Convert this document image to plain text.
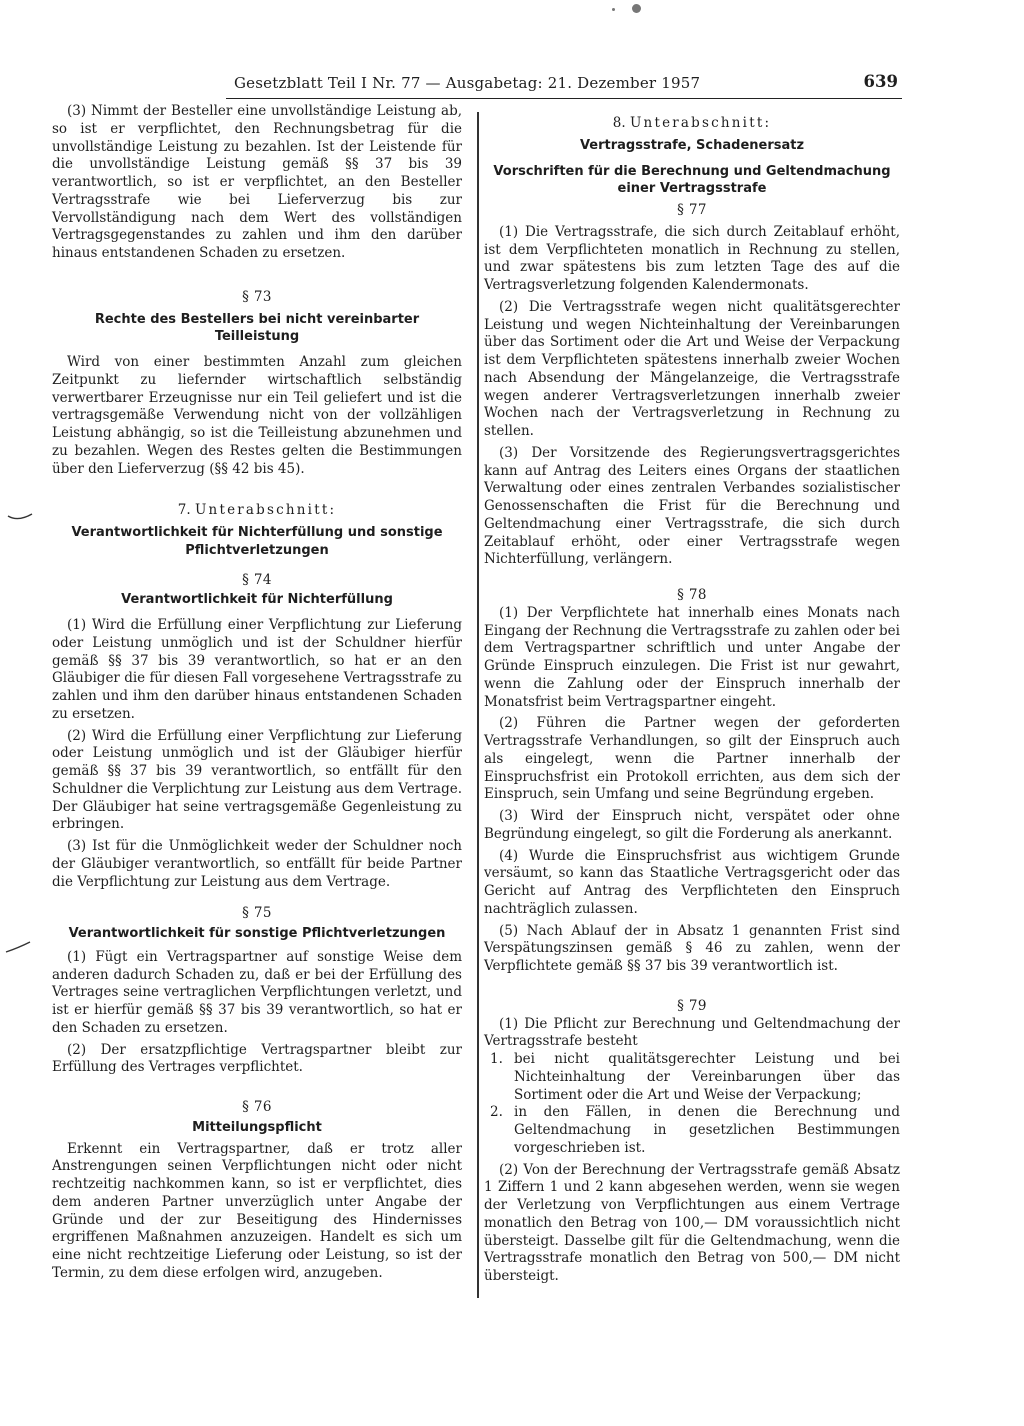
Gesetzblatt Teil I Nr. 77 — Ausgabetag: 21. Dezember 1957	639

(3) Nimmt der Besteller eine unvollständige Leistung ab, so ist er verpflichtet, den Rechnungsbetrag für die unvollständige Leistung zu bezahlen. Ist der Leistende für die unvollständige Leistung gemäß §§ 37 bis 39 verantwortlich, so ist er verpflichtet, an den Besteller Vertragsstrafe wie bei Lieferverzug bis zur Vervollständigung nach dem Wert des vollständigen Vertragsgegenstandes zu zahlen und ihm den darüber hinaus entstandenen Schaden zu ersetzen.

§ 73
Rechte des Bestellers bei nicht vereinbarter Teilleistung

Wird von einer bestimmten Anzahl zum gleichen Zeitpunkt zu liefernder wirtschaftlich selbständig verwertbarer Erzeugnisse nur ein Teil geliefert und ist die vertragsgemäße Verwendung nicht von der vollzähligen Leistung abhängig, so ist die Teilleistung abzunehmen und zu bezahlen. Wegen des Restes gelten die Bestimmungen über den Lieferverzug (§§ 42 bis 45).

7. Unterabschnitt:
Verantwortlichkeit für Nichterfüllung und sonstige Pflichtverletzungen
§ 74
Verantwortlichkeit für Nichterfüllung

(1) Wird die Erfüllung einer Verpflichtung zur Lieferung oder Leistung unmöglich und ist der Schuldner hierfür gemäß §§ 37 bis 39 verantwortlich, so hat er an den Gläubiger die für diesen Fall vorgesehene Vertragsstrafe zu zahlen und ihm den darüber hinaus entstandenen Schaden zu ersetzen.

(2) Wird die Erfüllung einer Verpflichtung zur Lieferung oder Leistung unmöglich und ist der Gläubiger hierfür gemäß §§ 37 bis 39 verantwortlich, so entfällt für den Schuldner die Verplichtung zur Leistung aus dem Vertrage. Der Gläubiger hat seine vertragsgemäße Gegenleistung zu erbringen.

(3) Ist für die Unmöglichkeit weder der Schuldner noch der Gläubiger verantwortlich, so entfällt für beide Partner die Verpflichtung zur Leistung aus dem Vertrage.

§ 75
Verantwortlichkeit für sonstige Pflichtverletzungen

(1) Fügt ein Vertragspartner auf sonstige Weise dem anderen dadurch Schaden zu, daß er bei der Erfüllung des Vertrages seine vertraglichen Verpflichtungen verletzt, und ist er hierfür gemäß §§ 37 bis 39 verantwortlich, so hat er den Schaden zu ersetzen.

(2) Der ersatzpflichtige Vertragspartner bleibt zur Erfüllung des Vertrages verpflichtet.

§ 76
Mitteilungspflicht

Erkennt ein Vertragspartner, daß er trotz aller Anstrengungen seinen Verpflichtungen nicht oder nicht rechtzeitig nachkommen kann, so ist er verpflichtet, dies dem anderen Partner unverzüglich unter Angabe der Gründe und der zur Beseitigung des Hindernisses ergriffenen Maßnahmen anzuzeigen. Handelt es sich um eine nicht rechtzeitige Lieferung oder Leistung, so ist der Termin, zu dem diese erfolgen wird, anzugeben.

8. Unterabschnitt:
Vertragsstrafe, Schadenersatz
Vorschriften für die Berechnung und Geltendmachung einer Vertragsstrafe
§ 77

(1) Die Vertragsstrafe, die sich durch Zeitablauf erhöht, ist dem Verpflichteten monatlich in Rechnung zu stellen, und zwar spätestens bis zum letzten Tage des auf die Vertragsverletzung folgenden Kalendermonats.

(2) Die Vertragsstrafe wegen nicht qualitätsgerechter Leistung und wegen Nichteinhaltung der Vereinbarungen über das Sortiment oder die Art und Weise der Verpackung ist dem Verpflichteten spätestens innerhalb zweier Wochen nach Absendung der Mängelanzeige, die Vertragsstrafe wegen anderer Vertragsverletzungen innerhalb zweier Wochen nach der Vertragsverletzung in Rechnung zu stellen.

(3) Der Vorsitzende des Regierungsvertragsgerichtes kann auf Antrag des Leiters eines Organs der staatlichen Verwaltung oder eines zentralen Verbandes sozialistischer Genossenschaften die Frist für die Berechnung und Geltendmachung einer Vertragsstrafe, die sich durch Zeitablauf erhöht, oder einer Vertragsstrafe wegen Nichterfüllung, verlängern.

§ 78

(1) Der Verpflichtete hat innerhalb eines Monats nach Eingang der Rechnung die Vertragsstrafe zu zahlen oder bei dem Vertragspartner schriftlich und unter Angabe der Gründe Einspruch einzulegen. Die Frist ist nur gewahrt, wenn die Zahlung oder der Einspruch innerhalb der Monatsfrist beim Vertragspartner eingeht.

(2) Führen die Partner wegen der geforderten Vertragsstrafe Verhandlungen, so gilt der Einspruch auch als eingelegt, wenn die Partner innerhalb der Einspruchsfrist ein Protokoll errichten, aus dem sich der Einspruch, sein Umfang und seine Begründung ergeben.

(3) Wird der Einspruch nicht, verspätet oder ohne Begründung eingelegt, so gilt die Forderung als anerkannt.

(4) Wurde die Einspruchsfrist aus wichtigem Grunde versäumt, so kann das Staatliche Vertragsgericht oder das Gericht auf Antrag des Verpflichteten den Einspruch nachträglich zulassen.

(5) Nach Ablauf der in Absatz 1 genannten Frist sind Verspätungszinsen gemäß § 46 zu zahlen, wenn der Verpflichtete gemäß §§ 37 bis 39 verantwortlich ist.

§ 79

(1) Die Pflicht zur Berechnung und Geltendmachung der Vertragsstrafe besteht

1. bei nicht qualitätsgerechter Leistung und bei Nichteinhaltung der Vereinbarungen über das Sortiment oder die Art und Weise der Verpackung;
2. in den Fällen, in denen die Berechnung und Geltendmachung in gesetzlichen Bestimmungen vorgeschrieben ist.

(2) Von der Berechnung der Vertragsstrafe gemäß Absatz 1 Ziffern 1 und 2 kann abgesehen werden, wenn sie wegen der Verletzung von Verpflichtungen aus einem Vertrage monatlich den Betrag von 100,— DM voraussichtlich nicht übersteigt. Dasselbe gilt für die Geltendmachung, wenn die Vertragsstrafe monatlich den Betrag von 500,— DM nicht übersteigt.
